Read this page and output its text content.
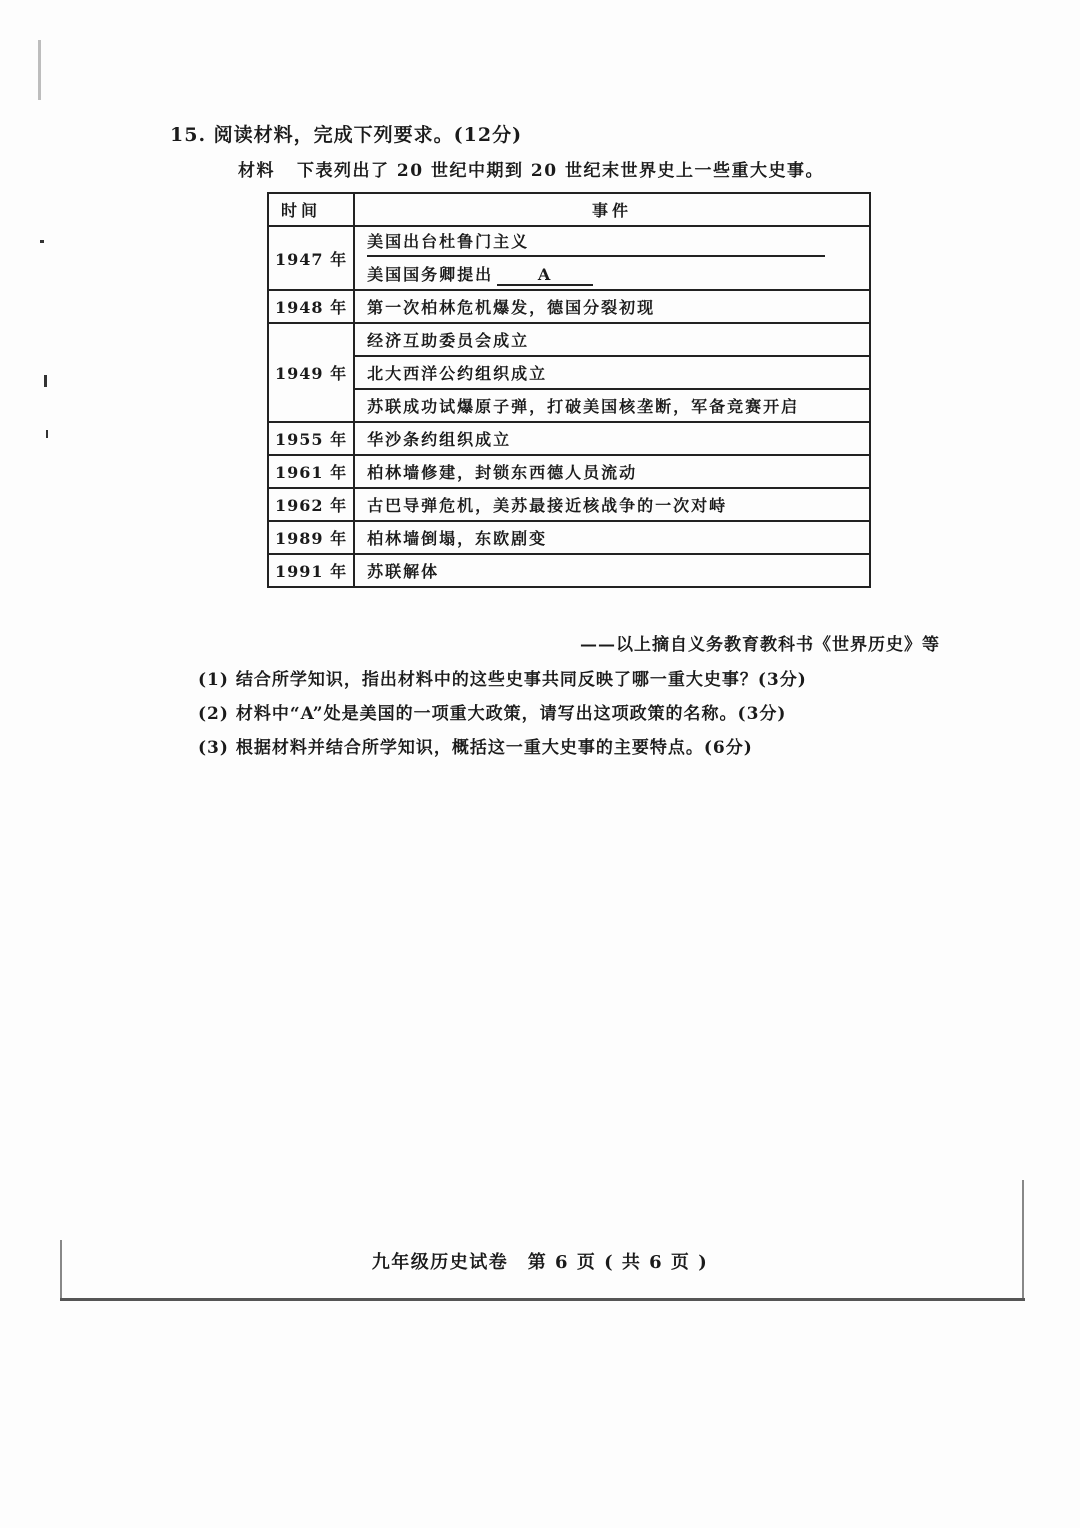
15. 阅读材料，完成下列要求。(12分)
材料 下表列出了 20 世纪中期到 20 世纪末世界史上一些重大史事。
时间	事件
1947 年	美国出台杜鲁门主义
	美国国务卿提出 A
1948 年	第一次柏林危机爆发，德国分裂初现
1949 年	经济互助委员会成立
	北大西洋公约组织成立
	苏联成功试爆原子弹，打破美国核垄断，军备竞赛开启
1955 年	华沙条约组织成立
1961 年	柏林墙修建，封锁东西德人员流动
1962 年	古巴导弹危机，美苏最接近核战争的一次对峙
1989 年	柏林墙倒塌，东欧剧变
1991 年	苏联解体
——以上摘自义务教育教科书《世界历史》等
(1) 结合所学知识，指出材料中的这些史事共同反映了哪一重大史事？(3分)
(2) 材料中“A”处是美国的一项重大政策，请写出这项政策的名称。(3分)
(3) 根据材料并结合所学知识，概括这一重大史事的主要特点。(6分)
九年级历史试卷　第 6 页 ( 共 6 页 )
